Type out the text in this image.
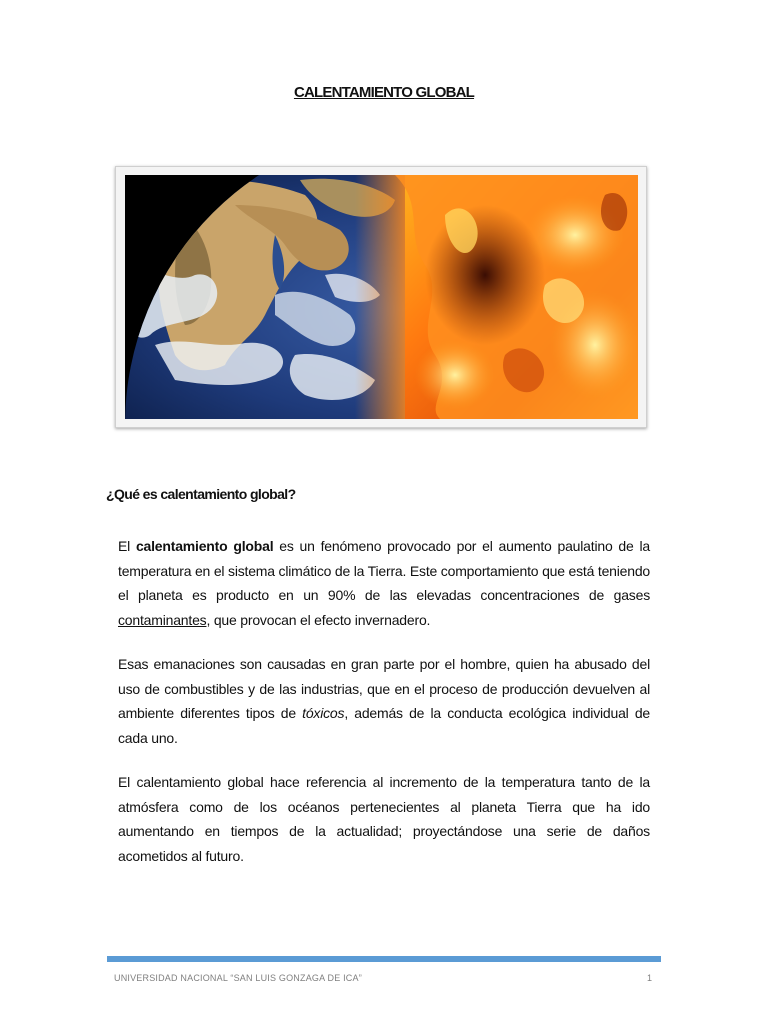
CALENTAMIENTO GLOBAL
¿Qué es calentamiento global?

El calentamiento global es un fenómeno provocado por el aumento paulatino de la temperatura en el sistema climático de la Tierra. Este comportamiento que está teniendo el planeta es producto en un 90% de las elevadas concentraciones de gases contaminantes, que provocan el efecto invernadero.

Esas emanaciones son causadas en gran parte por el hombre, quien ha abusado del uso de combustibles y de las industrias, que en el proceso de producción devuelven al ambiente diferentes tipos de tóxicos, además de la conducta ecológica individual de cada uno.

El calentamiento global hace referencia al incremento de la temperatura tanto de la atmósfera como de los océanos pertenecientes al planeta Tierra que ha ido aumentando en tiempos de la actualidad; proyectándose una serie de daños acometidos al futuro.

UNIVERSIDAD NACIONAL “SAN LUIS GONZAGA DE ICA”	1
